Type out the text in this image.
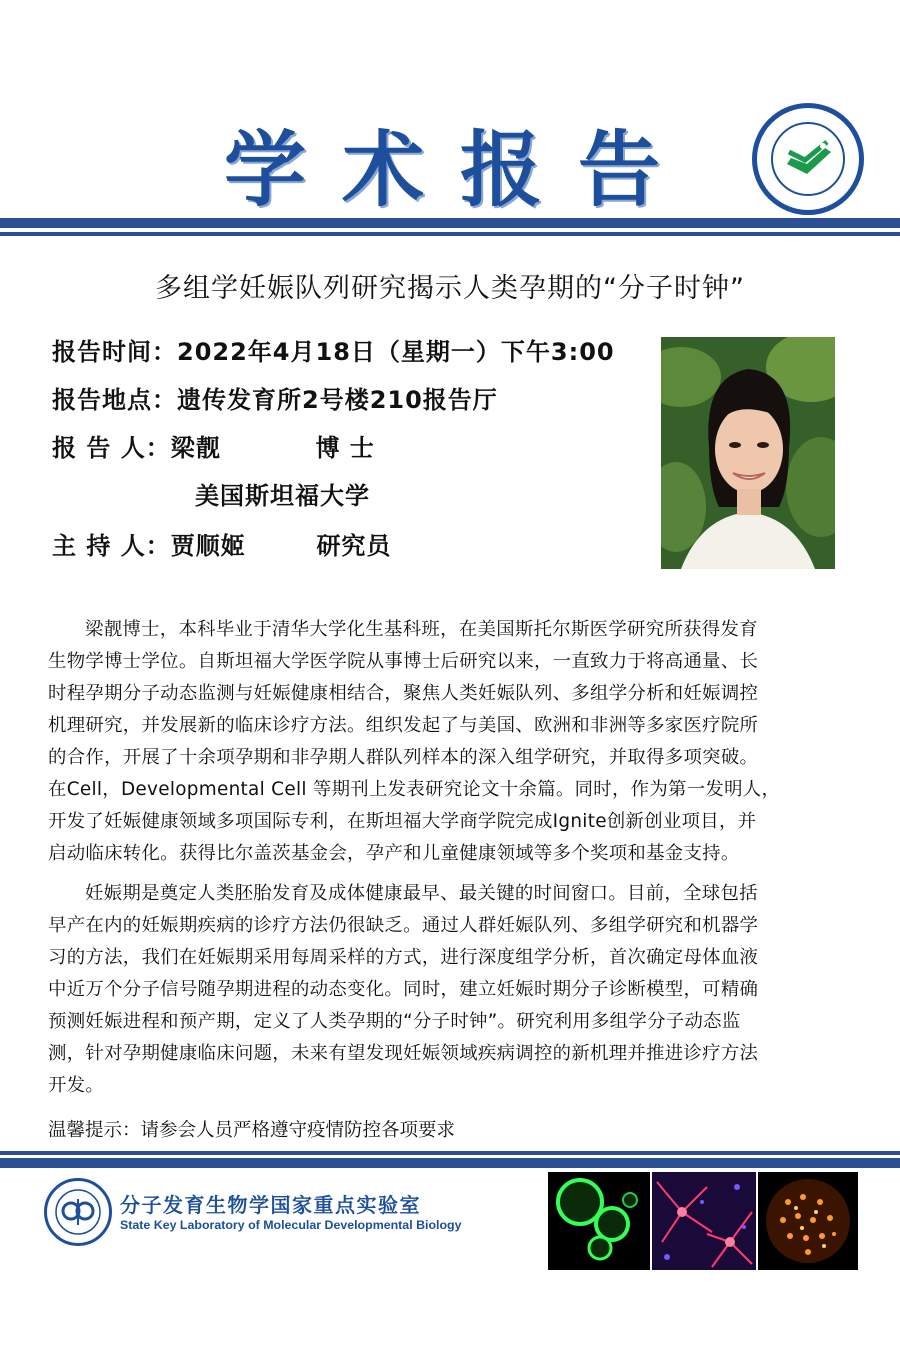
学术报告
多组学妊娠队列研究揭示人类孕期的“分子时钟”
报告时间：2022年4月18日（星期一）下午3:00
报告地点：遗传发育所2号楼210报告厅
报 告 人：梁靓	博 士
美国斯坦福大学
主 持 人：贾顺姬	研究员
梁靓博士，本科毕业于清华大学化生基科班，在美国斯托尔斯医学研究所获得发育
生物学博士学位。自斯坦福大学医学院从事博士后研究以来，一直致力于将高通量、长
时程孕期分子动态监测与妊娠健康相结合，聚焦人类妊娠队列、多组学分析和妊娠调控
机理研究，并发展新的临床诊疗方法。组织发起了与美国、欧洲和非洲等多家医疗院所
的合作，开展了十余项孕期和非孕期人群队列样本的深入组学研究，并取得多项突破。
在Cell，Developmental Cell 等期刊上发表研究论文十余篇。同时，作为第一发明人，
开发了妊娠健康领域多项国际专利，在斯坦福大学商学院完成Ignite创新创业项目，并
启动临床转化。获得比尔盖茨基金会，孕产和儿童健康领域等多个奖项和基金支持。
妊娠期是奠定人类胚胎发育及成体健康最早、最关键的时间窗口。目前，全球包括
早产在内的妊娠期疾病的诊疗方法仍很缺乏。通过人群妊娠队列、多组学研究和机器学
习的方法，我们在妊娠期采用每周采样的方式，进行深度组学分析，首次确定母体血液
中近万个分子信号随孕期进程的动态变化。同时，建立妊娠时期分子诊断模型，可精确
预测妊娠进程和预产期，定义了人类孕期的“分子时钟”。研究利用多组学分子动态监
测，针对孕期健康临床问题，未来有望发现妊娠领域疾病调控的新机理并推进诊疗方法
开发。
温馨提示：请参会人员严格遵守疫情防控各项要求
分子发育生物学国家重点实验室
State Key Laboratory of Molecular Developmental Biology
